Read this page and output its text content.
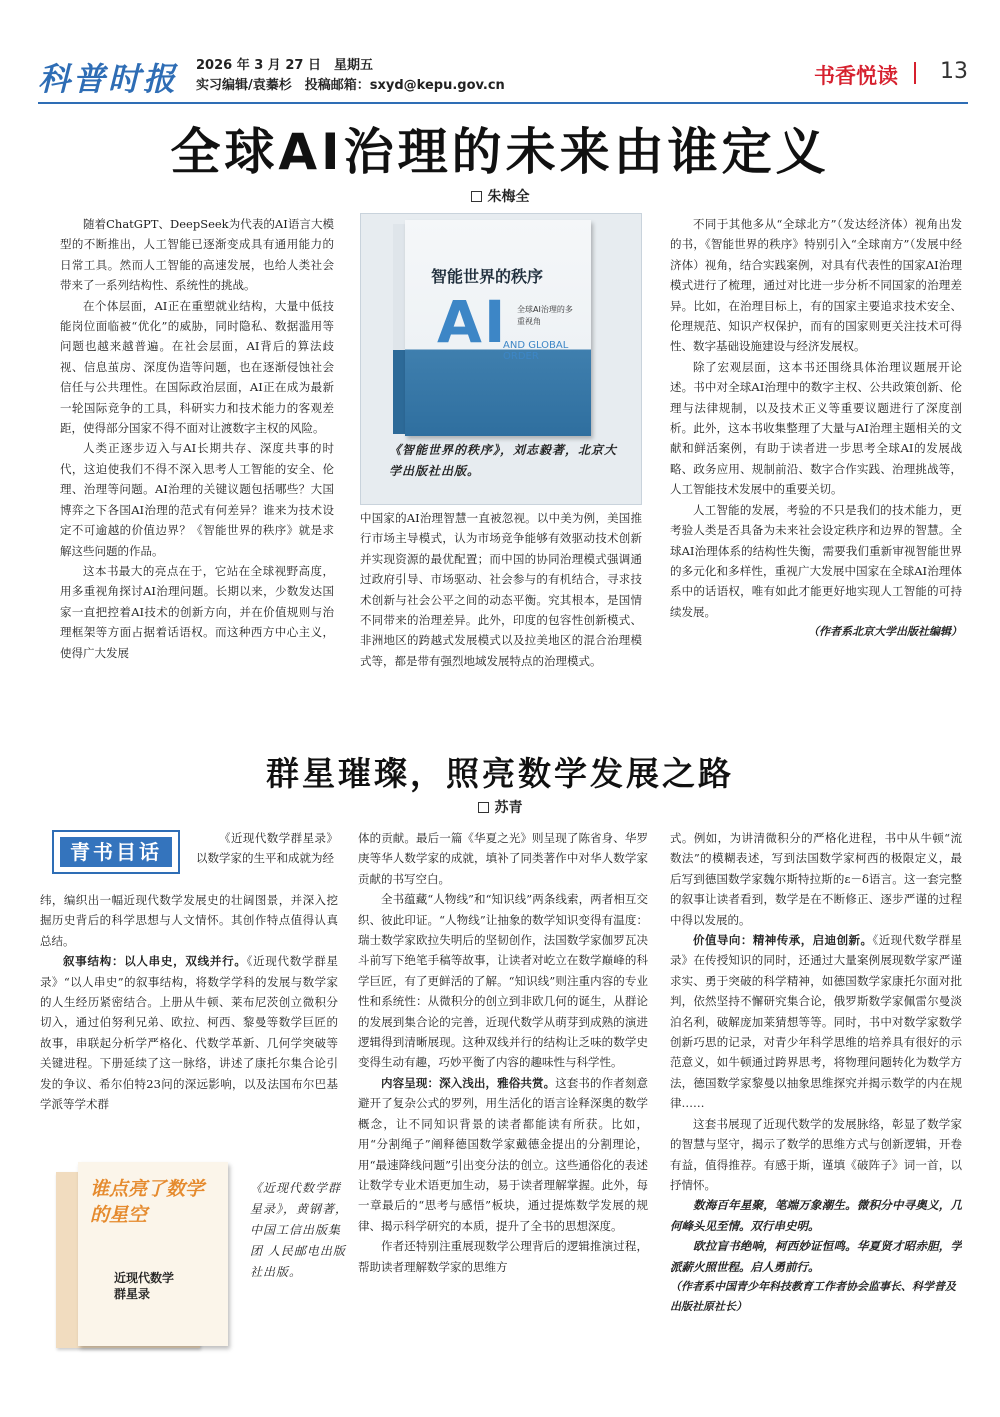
科普时报 2026 年 3 月 27 日　星期五
实习编辑/袁蓁杉　投稿邮箱：sxyd@kepu.gov.cn	书香悦读 13
全球AI治理的未来由谁定义
朱梅全

随着ChatGPT、DeepSeek为代表的AI语言大模型的不断推出，人工智能已逐渐变成具有通用能力的日常工具。然而人工智能的高速发展，也给人类社会带来了一系列结构性、系统性的挑战。

在个体层面，AI正在重塑就业结构，大量中低技能岗位面临被“优化”的威胁，同时隐私、数据滥用等问题也越来越普遍。在社会层面，AI背后的算法歧视、信息茧房、深度伪造等问题，也在逐渐侵蚀社会信任与公共理性。在国际政治层面，AI正在成为最新一轮国际竞争的工具，科研实力和技术能力的客观差距，使得部分国家不得不面对让渡数字主权的风险。

人类正逐步迈入与AI长期共存、深度共事的时代，这迫使我们不得不深入思考人工智能的安全、伦理、治理等问题。AI治理的关键议题包括哪些？大国博弈之下各国AI治理的范式有何差异？谁来为技术设定不可逾越的价值边界？《智能世界的秩序》就是求解这些问题的作品。

这本书最大的亮点在于，它站在全球视野高度，用多重视角探讨AI治理问题。长期以来，少数发达国家一直把控着AI技术的创新方向，并在价值规则与治理框架等方面占据着话语权。而这种西方中心主义，使得广大发展

智能世界的秩序
AI 全球AI治理的多重视角
AND GLOBAL ORDER
《智能世界的秩序》，刘志毅著，北京大学出版社出版。

中国家的AI治理智慧一直被忽视。以中美为例，美国推行市场主导模式，认为市场竞争能够有效驱动技术创新并实现资源的最优配置；而中国的协同治理模式强调通过政府引导、市场驱动、社会参与的有机结合，寻求技术创新与社会公平之间的动态平衡。究其根本，是国情不同带来的治理差异。此外，印度的包容性创新模式、非洲地区的跨越式发展模式以及拉美地区的混合治理模式等，都是带有强烈地域发展特点的治理模式。

不同于其他多从“全球北方”（发达经济体）视角出发的书，《智能世界的秩序》特别引入“全球南方”（发展中经济体）视角，结合实践案例，对具有代表性的国家AI治理模式进行了梳理，通过对比进一步分析不同国家的治理差异。比如，在治理目标上，有的国家主要追求技术安全、伦理规范、知识产权保护，而有的国家则更关注技术可得性、数字基础设施建设与经济发展权。

除了宏观层面，这本书还围绕具体治理议题展开论述。书中对全球AI治理中的数字主权、公共政策创新、伦理与法律规制，以及技术正义等重要议题进行了深度剖析。此外，这本书收集整理了大量与AI治理主题相关的文献和鲜活案例，有助于读者进一步思考全球AI的发展战略、政务应用、规制前沿、数字合作实践、治理挑战等，人工智能技术发展中的重要关切。

人工智能的发展，考验的不只是我们的技术能力，更考验人类是否具备为未来社会设定秩序和边界的智慧。全球AI治理体系的结构性失衡，需要我们重新审视智能世界的多元化和多样性，重视广大发展中国家在全球AI治理体系中的话语权，唯有如此才能更好地实现人工智能的可持续发展。

（作者系北京大学出版社编辑）
群星璀璨，照亮数学发展之路
苏青
青书目话

《近现代数学群星录》以数学家的生平和成就为经

纬，编织出一幅近现代数学发展史的壮阔图景，并深入挖掘历史背后的科学思想与人文情怀。其创作特点值得认真总结。

叙事结构：以人串史，双线并行。《近现代数学群星录》“以人串史”的叙事结构，将数学学科的发展与数学家的人生经历紧密结合。上册从牛顿、莱布尼茨创立微积分切入，通过伯努利兄弟、欧拉、柯西、黎曼等数学巨匠的故事，串联起分析学严格化、代数学革新、几何学突破等关键进程。下册延续了这一脉络，讲述了康托尔集合论引发的争议、希尔伯特23问的深远影响，以及法国布尔巴基学派等学术群

谁点亮了数学的星空
近现代数学群星录
《近现代数学群星录》，黄钢著，中国工信出版集团 人民邮电出版社出版。

体的贡献。最后一篇《华夏之光》则呈现了陈省身、华罗庚等华人数学家的成就，填补了同类著作中对华人数学家贡献的书写空白。

全书蕴藏“人物线”和“知识线”两条线索，两者相互交织、彼此印证。“人物线”让抽象的数学知识变得有温度：瑞士数学家欧拉失明后的坚韧创作，法国数学家伽罗瓦决斗前写下绝笔手稿等故事，让读者对屹立在数学巅峰的科学巨匠，有了更鲜活的了解。“知识线”则注重内容的专业性和系统性：从微积分的创立到非欧几何的诞生，从群论的发展到集合论的完善，近现代数学从萌芽到成熟的演进逻辑得到清晰展现。这种双线并行的结构让乏味的数学史变得生动有趣，巧妙平衡了内容的趣味性与科学性。

内容呈现：深入浅出，雅俗共赏。这套书的作者刻意避开了复杂公式的罗列，用生活化的语言诠释深奥的数学概念，让不同知识背景的读者都能读有所获。比如，用“分割绳子”阐释德国数学家戴德金提出的分割理论，用“最速降线问题”引出变分法的创立。这些通俗化的表述让数学专业术语更加生动，易于读者理解掌握。此外，每一章最后的“思考与感悟”板块，通过提炼数学发展的规律、揭示科学研究的本质，提升了全书的思想深度。

作者还特别注重展现数学公理背后的逻辑推演过程，帮助读者理解数学家的思维方

式。例如，为讲清微积分的严格化进程，书中从牛顿“流数法”的模糊表述，写到法国数学家柯西的极限定义，最后写到德国数学家魏尔斯特拉斯的ε－δ语言。这一套完整的叙事让读者看到，数学是在不断修正、逐步严谨的过程中得以发展的。

价值导向：精神传承，启迪创新。《近现代数学群星录》在传授知识的同时，还通过大量案例展现数学家严谨求实、勇于突破的科学精神，如德国数学家康托尔面对批判，依然坚持不懈研究集合论，俄罗斯数学家佩雷尔曼淡泊名利，破解庞加莱猜想等等。同时，书中对数学家数学创新巧思的记录，对青少年科学思维的培养具有很好的示范意义，如牛顿通过跨界思考，将物理问题转化为数学方法，德国数学家黎曼以抽象思维探究并揭示数学的内在规律……

这套书展现了近现代数学的发展脉络，彰显了数学家的智慧与坚守，揭示了数学的思维方式与创新逻辑，开卷有益，值得推荐。有感于斯，谨填《破阵子》词一首，以抒情怀。

数海百年星聚，笔端万象潮生。微积分中寻奥义，几何峰头见至情。双行串史明。

欧拉盲书绝响，柯西妙证恒鸣。华夏贤才昭赤胆，学派薪火照世程。启人勇前行。

（作者系中国青少年科技教育工作者协会监事长、科学普及出版社原社长）
